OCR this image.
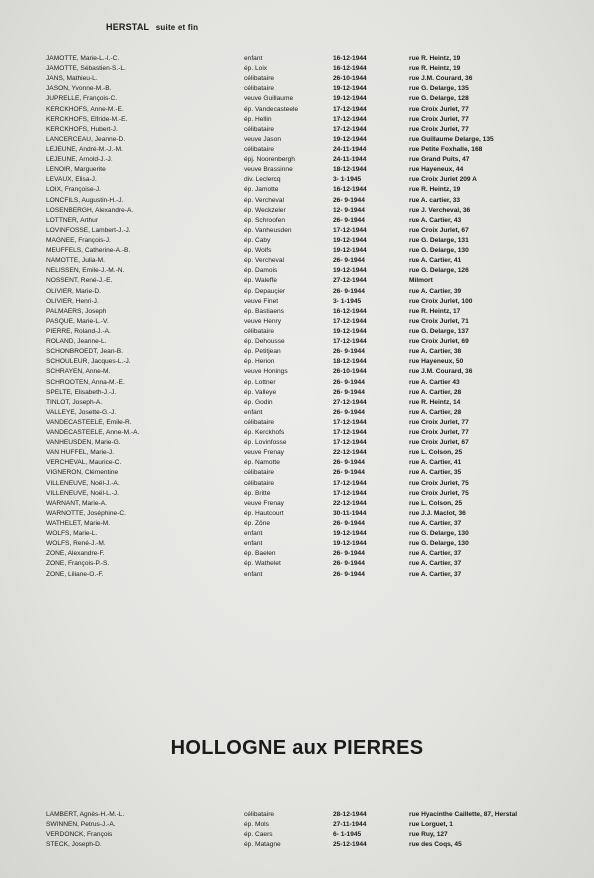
HERSTAL suite et fin
JAMOTTE, Marie-L.-I.-C.	enfant	16-12-1944	rue R. Heintz, 19
JAMOTTE, Sébastien-S.-L.	ép. Loix	16-12-1944	rue R. Heintz, 19
JANS, Mathieu-L.	célibataire	26-10-1944	rue J.M. Courard, 36
JASON, Yvonne-M.-B.	célibataire	19-12-1944	rue G. Delarge, 135
JUPRELLE, François-C.	veuve Guillaume	19-12-1944	rue G. Delarge, 128
KERCKHOFS, Anne-M.-E.	ép. Vandecasteele	17-12-1944	rue Croix Jurlet, 77
KERCKHOFS, Elfride-M.-E.	ép. Hellin	17-12-1944	rue Croix Jurlet, 77
KERCKHOFS, Hubert-J.	célibataire	17-12-1944	rue Croix Jurlet, 77
LANCERCEAU, Jeanne-D.	veuve Jason	19-12-1944	rue Guillaume Delarge, 135
LEJEUNE, André-M.-J.-M.	célibataire	24-11-1944	rue Petite Foxhalle, 168
LEJEUNE, Arnold-J.-J.	épj. Noorenbergh	24-11-1944	rue Grand Puits, 47
LENOIR, Marguerite	veuve Brassinne	18-12-1944	rue Hayeneux, 44
LEVAUX, Elisa-J.	div. Leclercq	3- 1-1945	rue Croix Jurlet 209 A
LOIX, Françoise-J.	ép. Jamotte	16-12-1944	rue R. Heintz, 19
LONCFILS, Augustin-H.-J.	ép. Vercheval	26- 9-1944	rue A. cartier, 33
LOSENBERGH, Alexandre-A.	ép. Weckzeler	12- 9-1944	rue J. Vercheval, 36
LOTTNER, Arthur	ép. Schroofen	26- 9-1944	rue A. Cartier, 43
LOVINFOSSE, Lambert-J.-J.	ép. Vanheusden	17-12-1944	rue Croix Jurlet, 67
MAGNEE, François-J.	ép. Caby	19-12-1944	rue G. Delarge, 131
MEUFFELS, Catherine-A.-B.	ép. Wolfs	19-12-1944	rue G. Delarge, 130
NAMOTTE, Julia-M.	ép. Vercheval	26- 9-1944	rue A. Cartier, 41
NELISSEN, Emile-J.-M.-N.	ép. Damois	19-12-1944	rue G. Delarge, 126
NOSSENT, René-J.-E.	ép. Waleffe	27-12-1944	Milmort
OLIVIER, Marie-D.	ép. Depauçier	26- 9-1944	rue A. Cartier, 39
OLIVIER, Henri-J.	veuve Finet	3- 1-1945	rue Croix Jurlet, 100
PALMAERS, Joseph	ép. Bastiaens	16-12-1944	rue R. Heintz, 17
PASQUE, Marie-L.-V.	veuve Henry	17-12-1944	rue Croix Jurlet, 71
PIERRE, Roland-J.-A.	célibataire	19-12-1944	rue G. Delarge, 137
ROLAND, Jeanne-L.	ép. Dehousse	17-12-1944	rue Croix Jurlet, 69
SCHONBROEDT, Jean-B.	ép. Petitjean	26- 9-1944	rue A. Cartier, 38
SCHOULEUR, Jacques-L.-J.	ép. Herion	18-12-1944	rue Hayeneux, 50
SCHRAYEN, Anne-M.	veuve Honings	26-10-1944	rue J.M. Courard, 36
SCHROOTEN, Anna-M.-E.	ép. Lottner	26- 9-1944	rue A. Cartier 43
SPELTE, Elisabeth-J.-J.	ép. Valleye	26- 9-1944	rue A. Cartier, 28
TINLOT, Joseph-A.	ép. Godin	27-12-1944	rue R. Heintz, 14
VALLEYE, Josette-G.-J.	enfant	26- 9-1944	rue A. Cartier, 28
VANDECASTEELE, Emile-R.	célibataire	17-12-1944	rue Croix Jurlet, 77
VANDECASTEELE, Anne-M.-A.	ép. Kerckhofs	17-12-1944	rue Croix Jurlet, 77
VANHEUSDEN, Marie-G.	ép. Lovinfosse	17-12-1944	rue Croix Jurlet, 67
VAN HUFFEL, Marie-J.	veuve Frenay	22-12-1944	rue L. Colson, 25
VERCHEVAL, Maurice-C.	ép. Namotte	26- 9-1944	rue A. Cartier, 41
VIGNERON, Clémentine	célibataire	26- 9-1944	rue A. Cartier, 35
VILLENEUVE, Noël-J.-A.	célibataire	17-12-1944	rue Croix Jurlet, 75
VILLENEUVE, Noël-L.-J.	ép. Britte	17-12-1944	rue Croix Jurlet, 75
WARNANT, Marie-A.	veuve Frenay	22-12-1944	rue L. Colson, 25
WARNOTTE, Joséphine-C.	ép. Hautcourt	30-11-1944	rue J.J. Maclot, 36
WATHELET, Marie-M.	ép. Zône	26- 9-1944	rue A. Cartier, 37
WOLFS, Marie-L.	enfant	19-12-1944	rue G. Delarge, 130
WOLFS, René-J.-M.	enfant	19-12-1944	rue G. Delarge, 130
ZONE, Alexandre-F.	ép. Baelen	26- 9-1944	rue A. Cartier, 37
ZONE, François-P.-S.	ép. Wathelet	26- 9-1944	rue A. Cartier, 37
ZONE, Liliane-O.-F.	enfant	26- 9-1944	rue A. Cartier, 37
HOLLOGNE aux PIERRES
LAMBERT, Agnès-H.-M.-L.	célibataire	28-12-1944	rue Hyacinthe Caillette, 87, Herstal
SWINNEN, Petrus-J.-A.	ép. Mols	27-11-1944	rue Lorguet, 1
VERDONCK, François	ép. Caers	6- 1-1945	rue Ruy, 127
STECK, Joseph-D.	ép. Matagne	25-12-1944	rue des Coqs, 45
